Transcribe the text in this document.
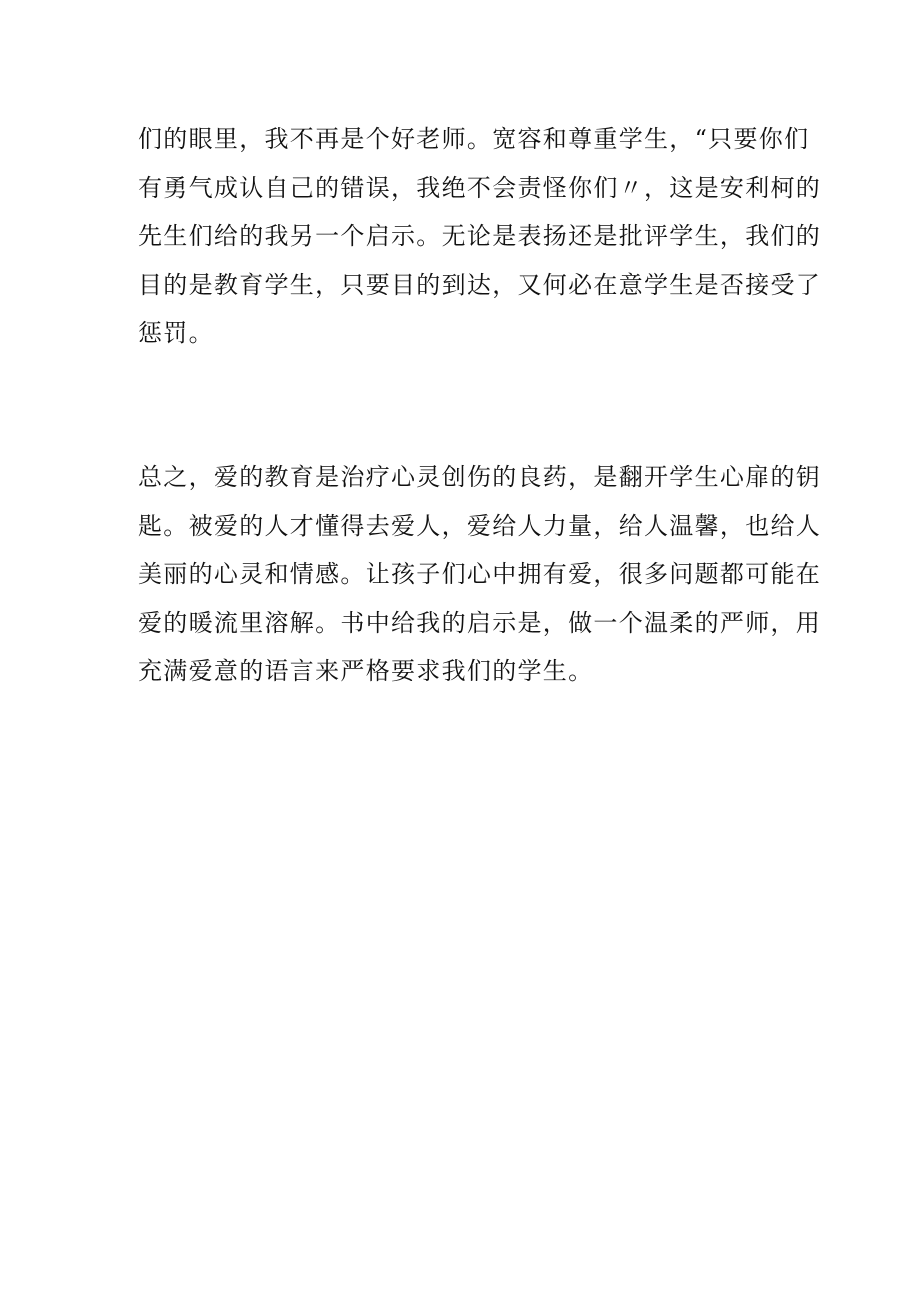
们的眼里，我不再是个好老师。宽容和尊重学生，“只要你们
有勇气成认自己的错误，我绝不会责怪你们〃，这是安利柯的
先生们给的我另一个启示。无论是表扬还是批评学生，我们的
目的是教育学生，只要目的到达，又何必在意学生是否接受了
惩罚。
总之，爱的教育是治疗心灵创伤的良药，是翻开学生心扉的钥
匙。被爱的人才懂得去爱人，爱给人力量，给人温馨，也给人
美丽的心灵和情感。让孩子们心中拥有爱，很多问题都可能在
爱的暖流里溶解。书中给我的启示是，做一个温柔的严师，用
充满爱意的语言来严格要求我们的学生。
